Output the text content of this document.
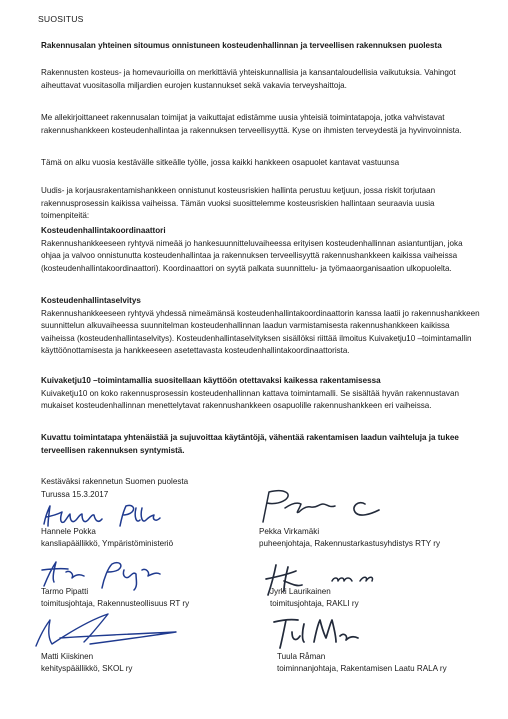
SUOSITUS
Rakennusalan yhteinen sitoumus onnistuneen kosteudenhallinnan ja terveellisen rakennuksen puolesta
Rakennusten kosteus- ja homevaurioilla on merkittäviä yhteiskunnallisia ja kansantaloudellisia vaikutuksia. Vahingot aiheuttavat vuositasolla miljardien eurojen kustannukset sekä vakavia terveyshaittoja.
Me allekirjoittaneet rakennusalan toimijat ja vaikuttajat edistämme uusia yhteisiä toimintatapoja, jotka vahvistavat rakennushankkeen kosteudenhallintaa ja rakennuksen terveellisyyttä. Kyse on ihmisten terveydestä ja hyvinvoinnista.
Tämä on alku vuosia kestävälle sitkeälle työlle, jossa kaikki hankkeen osapuolet kantavat vastuunsa
Uudis- ja korjausrakentamishankkeen onnistunut kosteusriskien hallinta perustuu ketjuun, jossa riskit torjutaan rakennusprosessin kaikissa vaiheissa. Tämän vuoksi suosittelemme kosteusriskien hallintaan seuraavia uusia toimenpiteitä:

Kosteudenhallintakoordinaattori

Rakennushankkeeseen ryhtyvä nimeää jo hankesuunnitteluvaiheessa erityisen kosteudenhallinnan asiantuntijan, joka ohjaa ja valvoo onnistunutta kosteudenhallintaa ja rakennuksen terveellisyyttä rakennushankkeen kaikissa vaiheissa (kosteudenhallintakoordinaattori). Koordinaattori on syytä palkata suunnittelu- ja työmaaorganisaation ulkopuolelta.

Kosteudenhallintaselvitys

Rakennushankkeeseen ryhtyvä yhdessä nimeämänsä kosteudenhallintakoordinaattorin kanssa laatii jo rakennushankkeen suunnittelun alkuvaiheessa suunnitelman kosteudenhallinnan laadun varmistamisesta rakennushankkeen kaikissa vaiheissa (kosteudenhallintaselvitys). Kosteudenhallintaselvityksen sisällöksi riittää ilmoitus Kuivaketju10 –toimintamallin käyttöönottamisesta ja hankkeeseen asetettavasta kosteudenhallintakoordinaattorista.

Kuivaketju10 –toimintamallia suositellaan käyttöön otettavaksi kaikessa rakentamisessa

Kuivaketju10 on koko rakennusprosessin kosteudenhallinnan kattava toimintamalli. Se sisältää hyvän rakennustavan mukaiset kosteudenhallinnan menettelytavat rakennushankkeen osapuolille rakennushankkeen eri vaiheissa.

Kuvattu toimintatapa yhtenäistää ja sujuvoittaa käytäntöjä, vähentää rakentamisen laadun vaihteluja ja tukee terveellisen rakennuksen syntymistä.

Kestäväksi rakennetun Suomen puolesta

Turussa 15.3.2017

Hannele Pokka
kansliapäällikkö, Ympäristöministeriö
Pekka Virkamäki
puheenjohtaja, Rakennustarkastusyhdistys RTY ry
Tarmo Pipatti
toimitusjohtaja, Rakennusteollisuus RT ry
Jyrki Laurikainen
toimitusjohtaja, RAKLI ry
Matti Kiiskinen
kehityspäällikkö, SKOL ry
Tuula Råman
toiminnanjohtaja, Rakentamisen Laatu RALA ry
